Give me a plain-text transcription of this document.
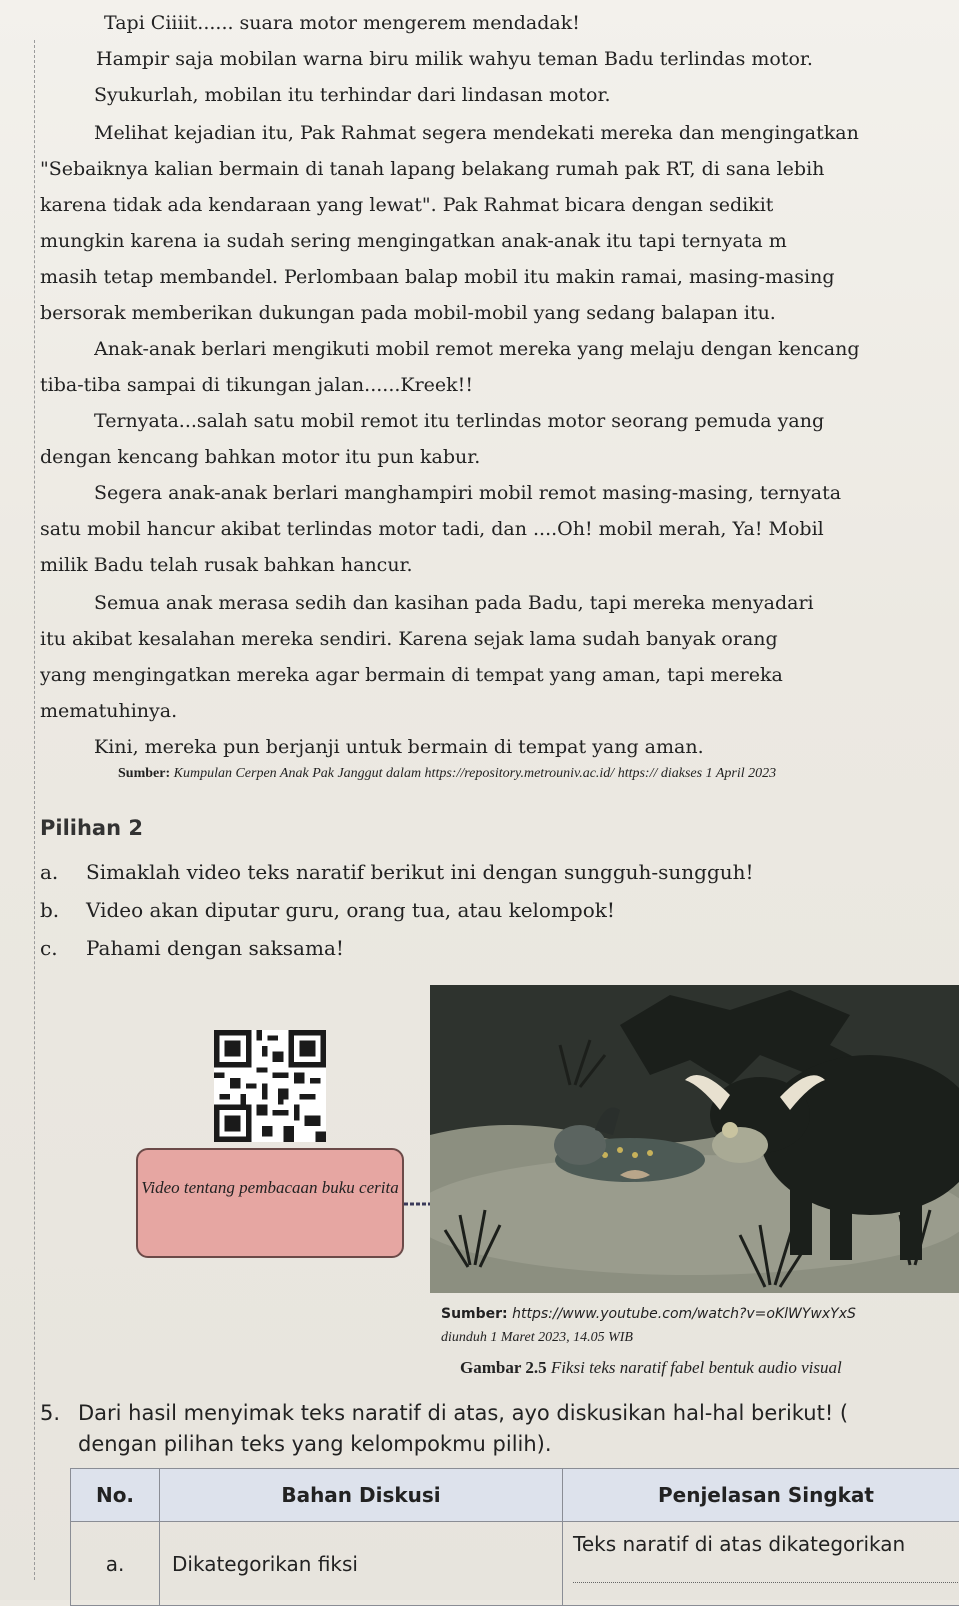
Tapi Ciiiit...... suara motor mengerem mendadak!

Hampir saja mobilan warna biru milik wahyu teman Badu terlindas motor.

Syukurlah, mobilan itu terhindar dari lindasan motor.

Melihat kejadian itu, Pak Rahmat segera mendekati mereka dan mengingatkan

"Sebaiknya kalian bermain di tanah lapang belakang rumah pak RT, di sana lebih

karena tidak ada kendaraan yang lewat". Pak Rahmat bicara dengan sedikit

mungkin karena ia sudah sering mengingatkan anak-anak itu tapi ternyata m

masih tetap membandel. Perlombaan balap mobil itu makin ramai, masing-masing

bersorak memberikan dukungan pada mobil-mobil yang sedang balapan itu.

Anak-anak berlari mengikuti mobil remot mereka yang melaju dengan kencang

tiba-tiba sampai di tikungan jalan......Kreek!!

Ternyata...salah satu mobil remot itu terlindas motor seorang pemuda yang

dengan kencang bahkan motor itu pun kabur.

Segera anak-anak berlari manghampiri mobil remot masing-masing, ternyata

satu mobil hancur akibat terlindas motor tadi, dan ....Oh! mobil merah, Ya! Mobil

milik Badu telah rusak bahkan hancur.

Semua anak merasa sedih dan kasihan pada Badu, tapi mereka menyadari

itu akibat kesalahan mereka sendiri. Karena sejak lama sudah banyak orang

yang mengingatkan mereka agar bermain di tempat yang aman, tapi mereka

mematuhinya.

Kini, mereka pun berjanji untuk bermain di tempat yang aman.

Sumber: Kumpulan Cerpen Anak Pak Janggut dalam https://repository.metrouniv.ac.id/ https:// diakses 1 April 2023
Pilihan 2
a. Simaklah video teks naratif berikut ini dengan sungguh-sungguh!
b. Video akan diputar guru, orang tua, atau kelompok!
c. Pahami dengan saksama!
Video tentang pembacaan buku cerita
Sumber: https://www.youtube.com/watch?v=oKlWYwxYxS
diunduh 1 Maret 2023, 14.05 WIB
Gambar 2.5 Fiksi teks naratif fabel bentuk audio visual
5. Dari hasil menyimak teks naratif di atas, ayo diskusikan hal-hal berikut! (
dengan pilihan teks yang kelompokmu pilih).
No.	Bahan Diskusi	Penjelasan Singkat
a.	Dikategorikan fiksi	Teks naratif di atas dikategorikan
